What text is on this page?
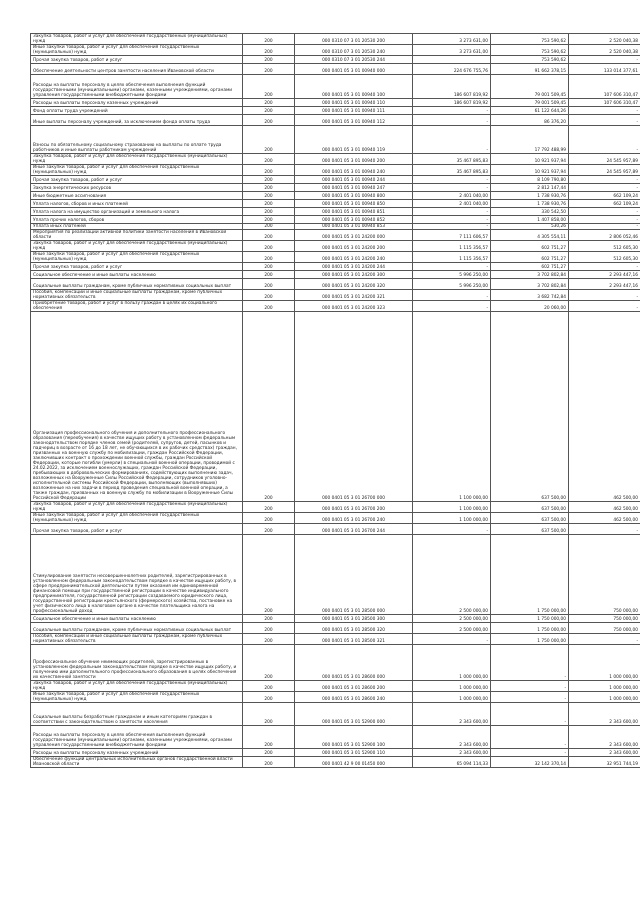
Закупка товаров, работ и услуг для обеспечения государственных (муниципальных) нужд	200	000 0310 07 3 01 20530 200	3 273 631,00	753 590,62	2 520 040,38
Иные закупки товаров, работ и услуг для обеспечения государственных (муниципальных) нужд	200	000 0310 07 3 01 20530 240	3 273 631,00	753 590,62	2 520 040,38
Прочая закупка товаров, работ и услуг	200	000 0310 07 3 01 20530 244		753 590,62	-
Обеспечение деятельности центров занятости населения Ивановской области	200	000 0401 05 3 01 00940 000	224 676 755,76	91 662 378,15	133 014 377,61
Расходы на выплаты персоналу в целях обеспечения выполнения функций государственными (муниципальными) органами, казенными учреждениями, органами управления государственными внебюджетными фондами	200	000 0401 05 3 01 00940 100	186 607 819,92	79 001 509,45	107 606 310,47
Расходы на выплаты персоналу казенных учреждений	200	000 0401 05 3 01 00940 110	186 607 819,92	79 001 509,45	107 606 310,47
Фонд оплаты труда учреждений	200	000 0401 05 3 01 00940 111	-	61 122 644,26	-
Иные выплаты персоналу учреждений, за исключением фонда оплаты труда	200	000 0401 05 3 01 00940 112	-	86 376,20	-
Взносы по обязательному социальному страхованию на выплаты по оплате труда работников и иные выплаты работникам учреждений	200	000 0401 05 3 01 00940 119	-	17 792 488,99	-
Закупка товаров, работ и услуг для обеспечения государственных (муниципальных) нужд	200	000 0401 05 3 01 00940 200	35 467 895,83	10 921 937,94	24 545 957,89
Иные закупки товаров, работ и услуг для обеспечения государственных (муниципальных) нужд	200	000 0401 05 3 01 00940 240	35 467 895,83	10 921 937,94	24 545 957,89
Прочая закупка товаров, работ и услуг	200	000 0401 05 3 01 00940 244	-	8 109 790,80	-
Закупка энергетических ресурсов	200	000 0401 05 3 01 00940 247	-	2 812 147,44	-
Иные бюджетные ассигнования	200	000 0401 05 3 01 00940 800	2 401 040,00	1 738 930,76	662 109,24
Уплата налогов, сборов и иных платежей	200	000 0401 05 3 01 00940 850	2 401 040,00	1 738 930,76	662 109,24
Уплата налога на имущество организаций и земельного налога	200	000 0401 05 3 01 00940 851	-	330 542,50	-
Уплата прочих налогов, сборов	200	000 0401 05 3 01 00940 852	-	1 407 858,00	-
Уплата иных платежей	200	000 0401 05 3 01 00940 853	-	530,26	-
Мероприятия по реализации активной политики занятости населения в Ивановской области	200	000 0401 05 3 01 24200 000	7 111 606,57	4 305 554,11	2 806 052,46
Закупка товаров, работ и услуг для обеспечения государственных (муниципальных) нужд	200	000 0401 05 3 01 24200 200	1 115 356,57	602 751,27	512 605,30
Иные закупки товаров, работ и услуг для обеспечения государственных (муниципальных) нужд	200	000 0401 05 3 01 24200 240	1 115 356,57	602 751,27	512 605,30
Прочая закупка товаров, работ и услуг	200	000 0401 05 3 01 24200 244	-	602 751,27	-
Социальное обеспечение и иные выплаты населению	200	000 0401 05 3 01 24200 300	5 996 250,00	3 702 802,84	2 293 447,16
Социальные выплаты гражданам, кроме публичных нормативных социальных выплат	200	000 0401 05 3 01 24200 320	5 996 250,00	3 702 802,84	2 293 447,16
Пособия, компенсации и иные социальные выплаты гражданам, кроме публичных нормативных обязательств	200	000 0401 05 3 01 24200 321	-	3 682 742,84	-
Приобретение товаров, работ и услуг в пользу граждан в целях их социального обеспечения	200	000 0401 05 3 01 24200 323	-	20 060,00	-
Организация профессионального обучения и дополнительного профессионального образования (переобучения) в качестве ищущих работу в установленном федеральным законодательством порядке членов семей (родителей, супругов, детей, пасынков и падчериц в возрасте от 16 до 18 лет, не обучающихся в их рабочих средствах) граждан, призванных на военную службу по мобилизации, граждан Российской Федерации, заключивших контракт о прохождении военной службы, граждан Российской Федерации, которые погибли (умерли) в специальной военной операции, проводимой с 24.02.2022, за исключением военнослужащих, граждан Российской Федерации, пребывающих в добровольческих формированиях, содействующих выполнению задач, возложенных на Вооруженные Силы Российской Федерации, сотрудников уголовно-исполнительной системы Российской Федерации, выполняющих (выполнявших) возложенные на них задачи в период проведения специальной военной операции, а также граждан, призванных на военную службу по мобилизации в Вооруженные Силы Российской Федерации	200	000 0401 05 3 01 26700 000	1 100 000,00	637 500,00	462 500,00
Закупка товаров, работ и услуг для обеспечения государственных (муниципальных) нужд	200	000 0401 05 3 01 26700 200	1 100 000,00	637 500,00	462 500,00
Иные закупки товаров, работ и услуг для обеспечения государственных (муниципальных) нужд	200	000 0401 05 3 01 26700 240	1 100 000,00	637 500,00	462 500,00
Прочая закупка товаров, работ и услуг	200	000 0401 05 3 01 26700 244	-	637 500,00	-
Стимулирование занятости несовершеннолетних родителей, зарегистрированных в установленном федеральным законодательством порядке в качестве ищущих работу, в сфере предпринимательской деятельности путем оказания им единовременной финансовой помощи при государственной регистрации в качестве индивидуального предпринимателя, государственной регистрации создаваемого юридического лица, государственной регистрации крестьянского (фермерского) хозяйства, постановке на учет физического лица в налоговом органе в качестве плательщика налога на профессиональный доход	200	000 0401 05 3 01 28500 000	2 500 000,00	1 750 000,00	750 000,00
Социальное обеспечение и иные выплаты населению	200	000 0401 05 3 01 28500 300	2 500 000,00	1 750 000,00	750 000,00
Социальные выплаты гражданам, кроме публичных нормативных социальных выплат	200	000 0401 05 3 01 28500 320	2 500 000,00	1 750 000,00	750 000,00
Пособия, компенсации и иные социальные выплаты гражданам, кроме публичных нормативных обязательств	200	000 0401 05 3 01 28500 321	-	1 750 000,00	-
Профессиональное обучение неимеющих родителей, зарегистрированных в установленном федеральным законодательством порядке в качестве ищущих работу, и получению ими дополнительного профессионального образования в целях обеспечения их качественной занятости	200	000 0401 05 3 01 28600 000	1 000 000,00	-	1 000 000,00
Закупка товаров, работ и услуг для обеспечения государственных (муниципальных) нужд	200	000 0401 05 3 01 28600 200	1 000 000,00	-	1 000 000,00
Иные закупки товаров, работ и услуг для обеспечения государственных (муниципальных) нужд	200	000 0401 05 3 01 28600 240	1 000 000,00	-	1 000 000,00
Социальные выплаты безработным гражданам и иным категориям граждан в соответствии с законодательством о занятости населения	200	000 0401 05 3 01 52900 000	2 343 600,00	-	2 343 600,00
Расходы на выплаты персоналу в целях обеспечения выполнения функций государственными (муниципальными) органами, казенными учреждениями, органами управления государственными внебюджетными фондами	200	000 0401 05 3 01 52900 100	2 343 600,00	-	2 343 600,00
Расходы на выплаты персоналу казенных учреждений	200	000 0401 05 3 01 52900 110	2 343 600,00	-	2 343 600,00
Обеспечение функций центральных исполнительных органов государственной власти Ивановской области	200	000 0401 42 9 00 01450 000	65 094 114,33	32 142 370,14	32 951 744,19
